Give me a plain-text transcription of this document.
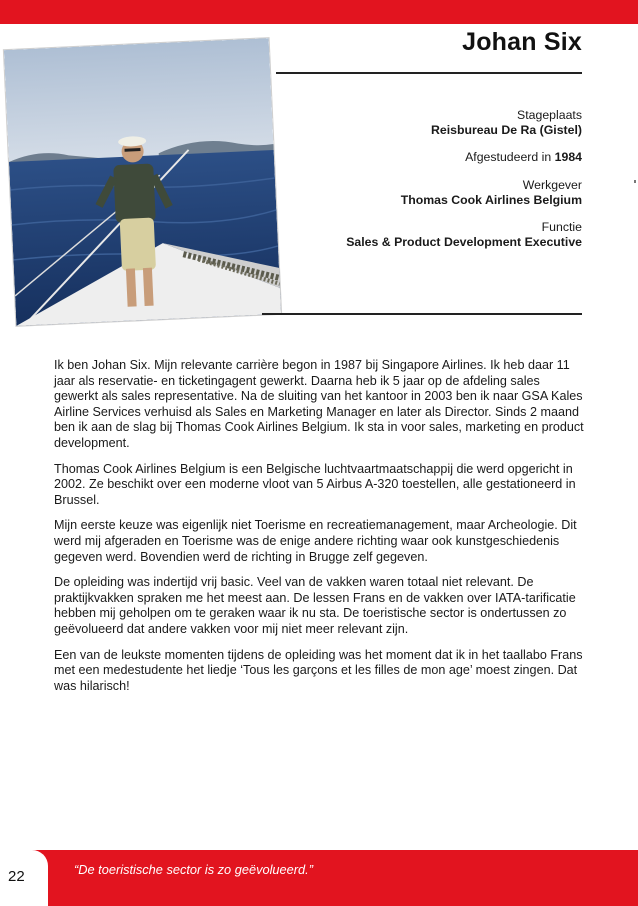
Johan Six
Stageplaats
Reisbureau De Ra (Gistel)
Afgestudeerd in 1984
Werkgever
Thomas Cook Airlines Belgium
Functie
Sales & Product Development Executive

Ik ben Johan Six. Mijn relevante carrière begon in 1987 bij Singapore Airlines. Ik heb daar 11 jaar als reservatie- en ticketingagent gewerkt. Daarna heb ik 5 jaar op de afdeling sales gewerkt als sales representative. Na de sluiting van het kantoor in 2003 ben ik naar GSA Kales Airline Services verhuisd als Sales en Marketing Manager en later als Director. Sinds 2 maand ben ik aan de slag bij Thomas Cook Airlines Belgium. Ik sta in voor sales, marketing en product development.

Thomas Cook Airlines Belgium is een Belgische luchtvaartmaatschappij die werd opgericht in 2002. Ze beschikt over een moderne vloot van 5 Airbus A-320 toestellen, alle gestationeerd in Brussel.

Mijn eerste keuze was eigenlijk niet Toerisme en recreatiemanagement, maar Archeologie. Dit werd mij afgeraden en Toerisme was de enige andere richting waar ook kunstgeschiedenis gegeven werd. Bovendien werd de richting in Brugge zelf gegeven.

De opleiding was indertijd vrij basic. Veel van de vakken waren totaal niet relevant. De praktijkvakken spraken me het meest aan. De lessen Frans en de vakken over IATA-tarificatie hebben mij geholpen om te geraken waar ik nu sta. De toeristische sector is ondertussen zo geëvolueerd dat andere vakken voor mij niet meer relevant zijn.

Een van de leukste momenten tijdens de opleiding was het moment dat ik in het taallabo Frans met een medestudente het liedje ‘Tous les garçons et les filles de mon age’ moest zingen. Dat was hilarisch!

22	“De toeristische sector is zo geëvolueerd.”
